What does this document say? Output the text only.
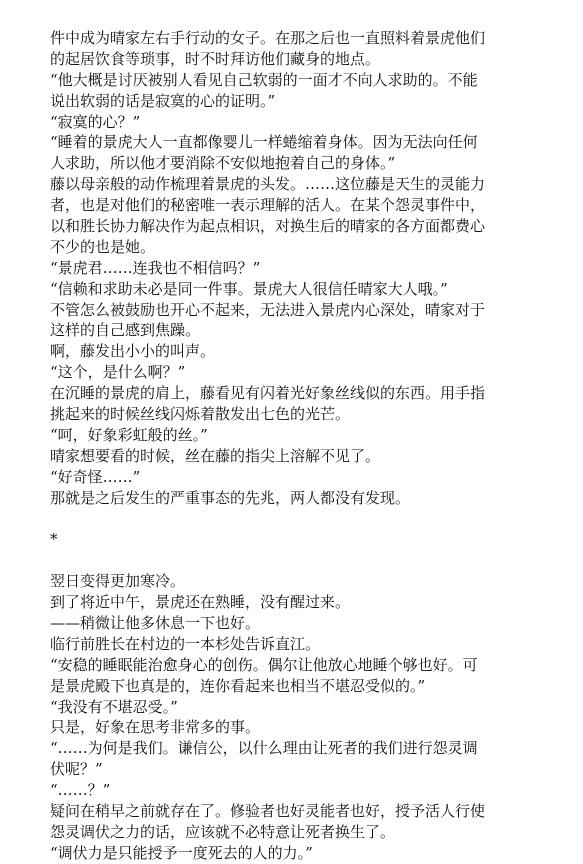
件中成为晴家左右手行动的女子。在那之后也一直照料着景虎他们

的起居饮食等琐事，时不时拜访他们藏身的地点。

“他大概是讨厌被别人看见自己软弱的一面才不向人求助的。不能

说出软弱的话是寂寞的心的证明。”

“寂寞的心？”

“睡着的景虎大人一直都像婴儿一样蜷缩着身体。因为无法向任何

人求助，所以他才要消除不安似地抱着自己的身体。”

藤以母亲般的动作梳理着景虎的头发。……这位藤是天生的灵能力

者，也是对他们的秘密唯一表示理解的活人。在某个怨灵事件中，

以和胜长协力解决作为起点相识，对换生后的晴家的各方面都费心

不少的也是她。

“景虎君……连我也不相信吗？”

“信赖和求助未必是同一件事。景虎大人很信任晴家大人哦。”

不管怎么被鼓励也开心不起来，无法进入景虎内心深处，晴家对于

这样的自己感到焦躁。

啊，藤发出小小的叫声。

“这个，是什么啊？”

在沉睡的景虎的肩上，藤看见有闪着光好象丝线似的东西。用手指

挑起来的时候丝线闪烁着散发出七色的光芒。

“呵，好象彩虹般的丝。”

晴家想要看的时候，丝在藤的指尖上溶解不见了。

“好奇怪……”

那就是之后发生的严重事态的先兆，两人都没有发现。

*

翌日变得更加寒冷。

到了将近中午，景虎还在熟睡，没有醒过来。

——稍微让他多休息一下也好。

临行前胜长在村边的一本杉处告诉直江。

“安稳的睡眠能治愈身心的创伤。偶尔让他放心地睡个够也好。可

是景虎殿下也真是的，连你看起来也相当不堪忍受似的。”

“我没有不堪忍受。”

只是，好象在思考非常多的事。

“……为何是我们。谦信公，以什么理由让死者的我们进行怨灵调

伏呢？”

“……？”

疑问在稍早之前就存在了。修验者也好灵能者也好，授予活人行使

怨灵调伏之力的话，应该就不必特意让死者换生了。

“调伏力是只能授予一度死去的人的力。”
